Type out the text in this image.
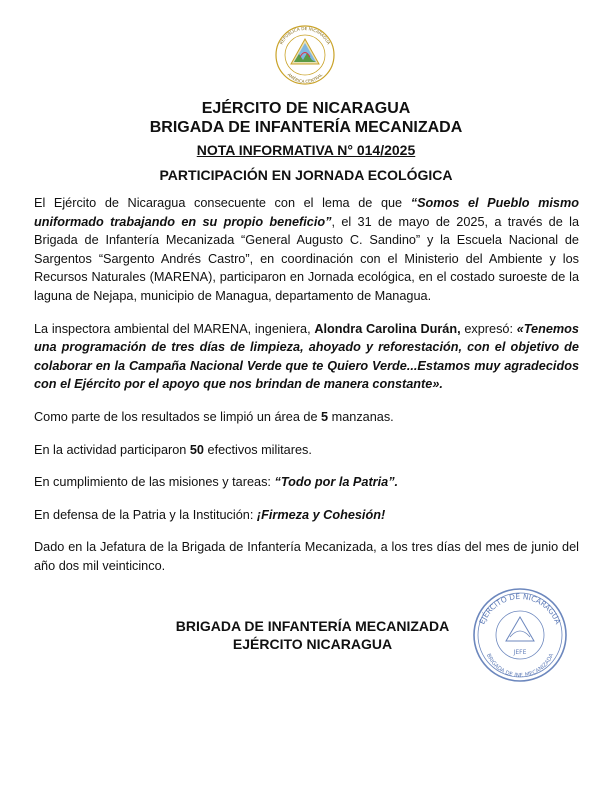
REPÚBLICA DE NICARAGUA
AMÉRICA CENTRAL
EJÉRCITO DE NICARAGUA
BRIGADA DE INFANTERÍA MECANIZADA
NOTA INFORMATIVA N° 014/2025
PARTICIPACIÓN EN JORNADA ECOLÓGICA

El Ejército de Nicaragua consecuente con el lema de que “Somos el Pueblo mismo uniformado trabajando en su propio beneficio”, el 31 de mayo de 2025, a través de la Brigada de Infantería Mecanizada “General Augusto C. Sandino” y la Escuela Nacional de Sargentos “Sargento Andrés Castro”, en coordinación con el Ministerio del Ambiente y los Recursos Naturales (MARENA), participaron en Jornada ecológica, en el costado suroeste de la laguna de Nejapa, municipio de Managua, departamento de Managua.

La inspectora ambiental del MARENA, ingeniera, Alondra Carolina Durán, expresó: «Tenemos una programación de tres días de limpieza, ahoyado y reforestación, con el objetivo de colaborar en la Campaña Nacional Verde que te Quiero Verde...Estamos muy agradecidos con el Ejército por el apoyo que nos brindan de manera constante».

Como parte de los resultados se limpió un área de 5 manzanas.

En la actividad participaron 50 efectivos militares.

En cumplimiento de las misiones y tareas: “Todo por la Patria”.

En defensa de la Patria y la Institución: ¡Firmeza y Cohesión!

Dado en la Jefatura de la Brigada de Infantería Mecanizada, a los tres días del mes de junio del año dos mil veinticinco.

BRIGADA DE INFANTERÍA MECANIZADA
EJÉRCITO NICARAGUA
EJÉRCITO DE NICARAGUA
BRIGADA DE INF. MECANIZADA
JEFE
